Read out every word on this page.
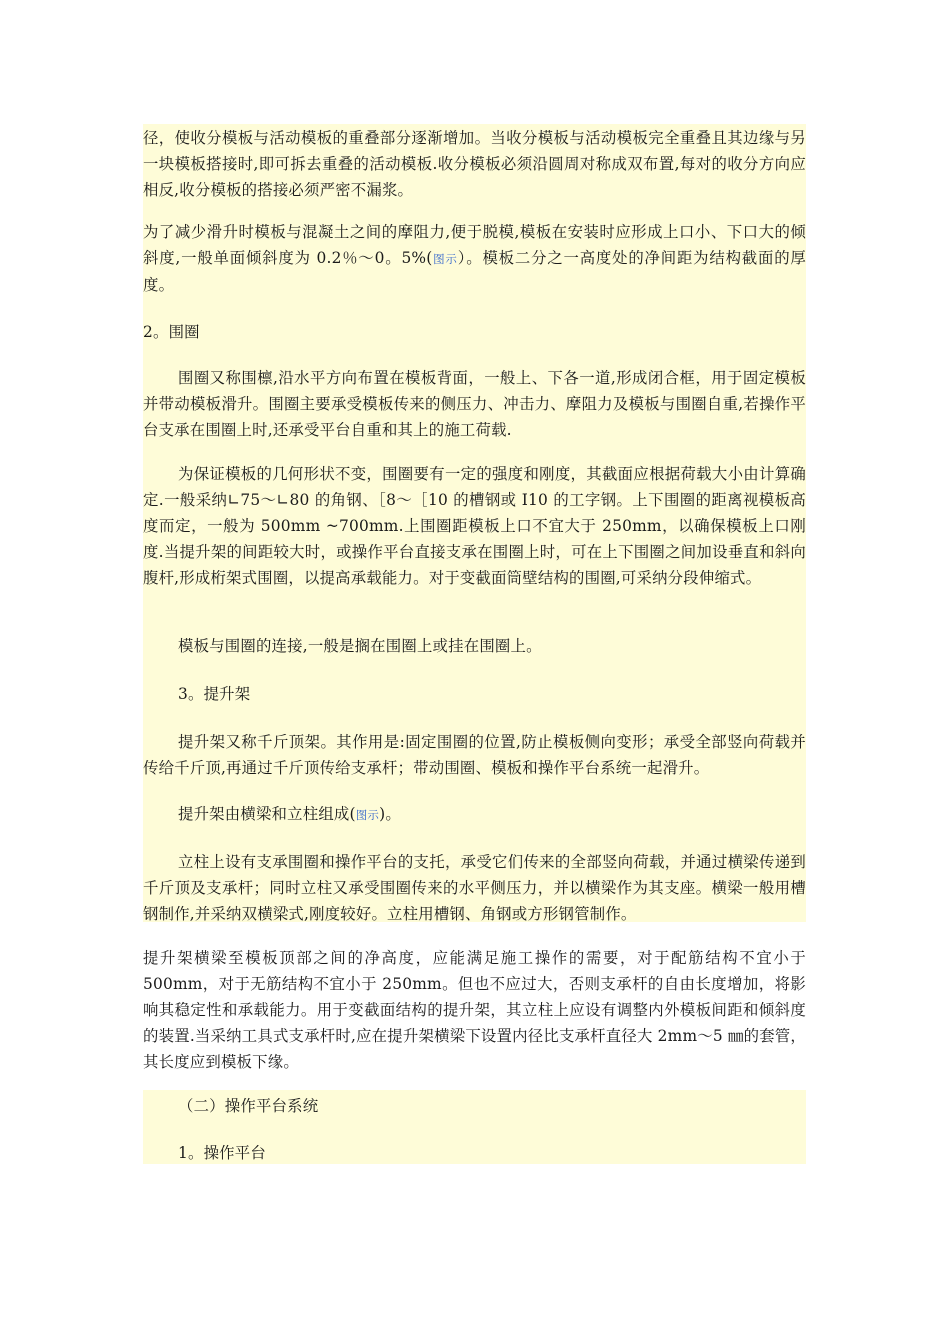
径，使收分模板与活动模板的重叠部分逐渐增加。当收分模板与活动模板完全重叠且其边缘与另一块模板搭接时,即可拆去重叠的活动模板.收分模板必须沿圆周对称成双布置,每对的收分方向应相反,收分模板的搭接必须严密不漏浆。

为了减少滑升时模板与混凝土之间的摩阻力,便于脱模,模板在安装时应形成上口小、下口大的倾斜度,一般单面倾斜度为 0.2％～0。5%(图示）。模板二分之一高度处的净间距为结构截面的厚度。

2。围圈

围圈又称围檩,沿水平方向布置在模板背面，一般上、下各一道,形成闭合框，用于固定模板并带动模板滑升。围圈主要承受模板传来的侧压力、冲击力、摩阻力及模板与围圈自重,若操作平台支承在围圈上时,还承受平台自重和其上的施工荷载.

为保证模板的几何形状不变，围圈要有一定的强度和刚度，其截面应根据荷载大小由计算确定.一般采纳∟75～∟80 的角钢、［8～［10 的槽钢或 I10 的工字钢。上下围圈的距离视模板高度而定，一般为 500mm ~700mm.上围圈距模板上口不宜大于 250mm，以确保模板上口刚度.当提升架的间距较大时，或操作平台直接支承在围圈上时，可在上下围圈之间加设垂直和斜向腹杆,形成桁架式围圈，以提高承载能力。对于变截面筒壁结构的围圈,可采纳分段伸缩式。

模板与围圈的连接,一般是搁在围圈上或挂在围圈上。

3。提升架

提升架又称千斤顶架。其作用是:固定围圈的位置,防止模板侧向变形；承受全部竖向荷载并传给千斤顶,再通过千斤顶传给支承杆；带动围圈、模板和操作平台系统一起滑升。

提升架由横梁和立柱组成(图示)。

立柱上设有支承围圈和操作平台的支托，承受它们传来的全部竖向荷载，并通过横梁传递到千斤顶及支承杆；同时立柱又承受围圈传来的水平侧压力，并以横梁作为其支座。横梁一般用槽钢制作,并采纳双横梁式,刚度较好。立柱用槽钢、角钢或方形钢管制作。

提升架横梁至模板顶部之间的净高度，应能满足施工操作的需要，对于配筋结构不宜小于 500mm，对于无筋结构不宜小于 250mm。但也不应过大，否则支承杆的自由长度增加，将影响其稳定性和承载能力。用于变截面结构的提升架，其立柱上应设有调整内外模板间距和倾斜度的装置.当采纳工具式支承杆时,应在提升架横梁下设置内径比支承杆直径大 2mm～5 ㎜的套管，其长度应到模板下缘。

（二）操作平台系统

1。操作平台
